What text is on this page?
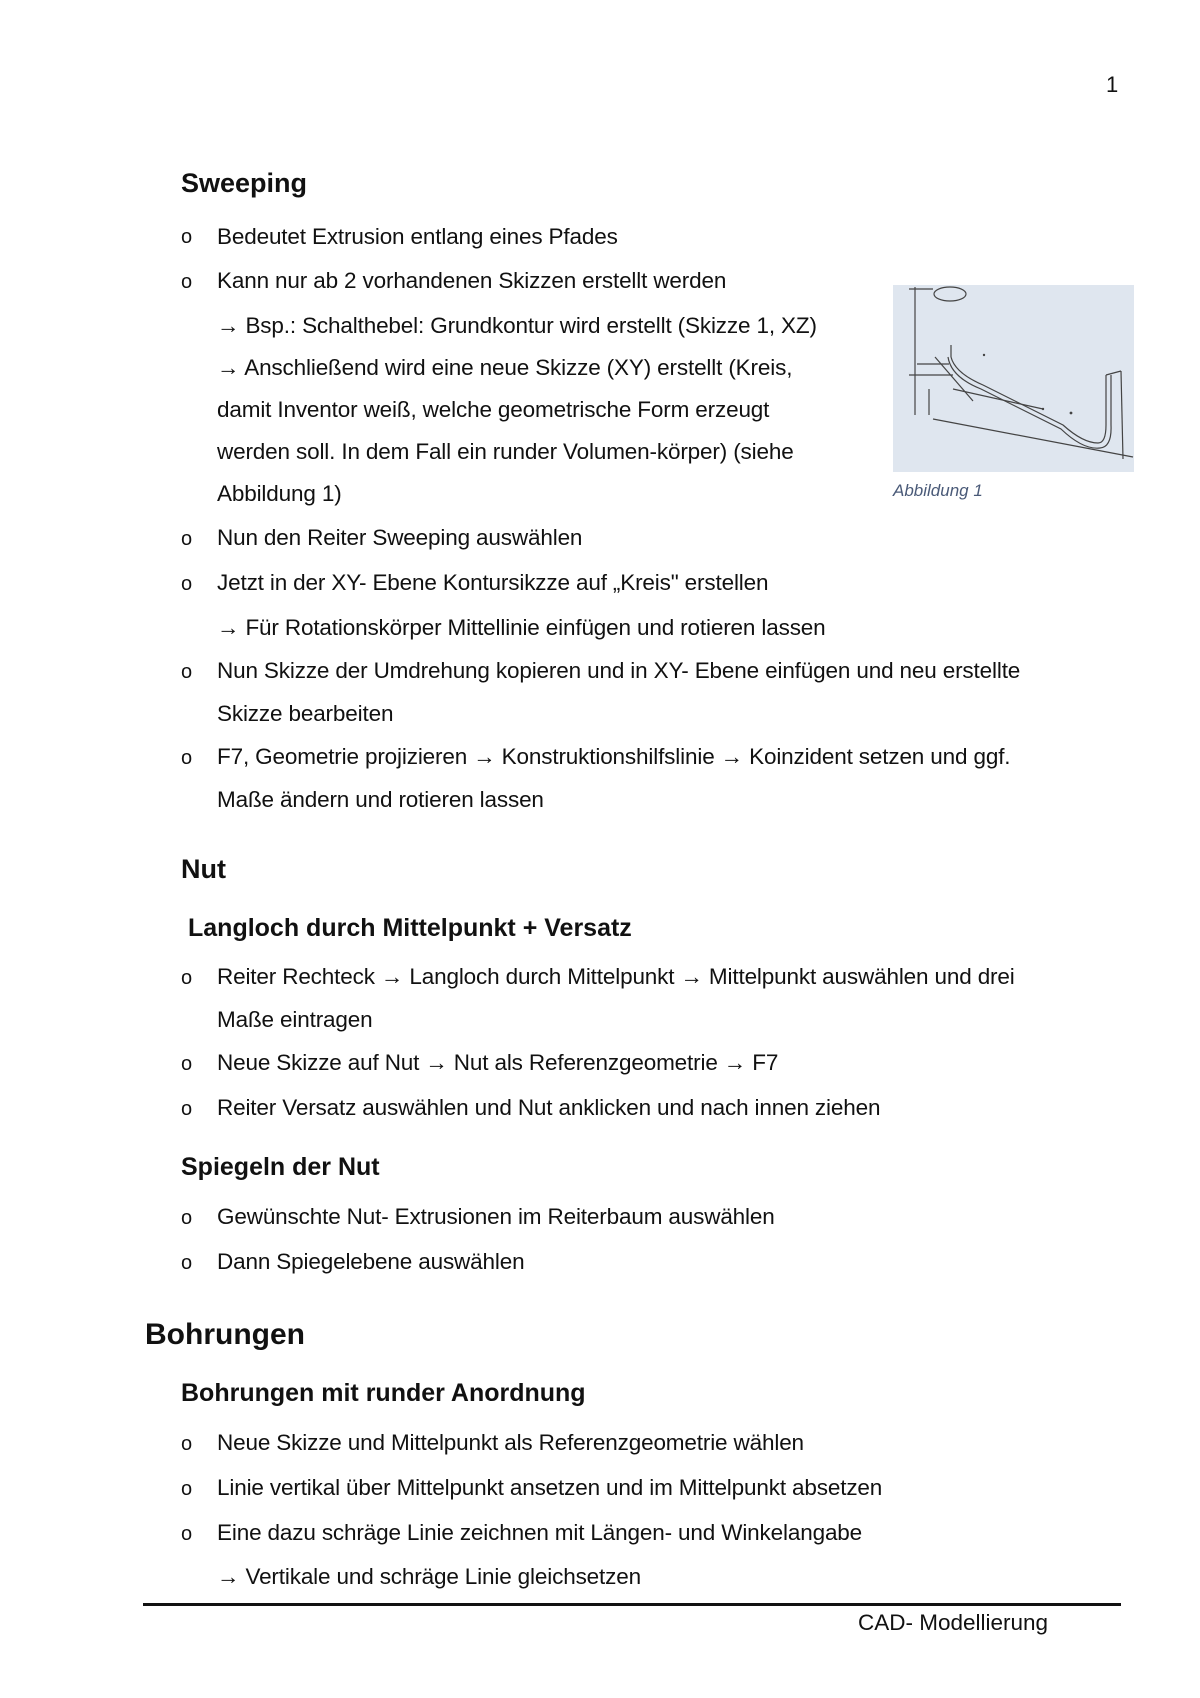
1
Sweeping
o Bedeutet Extrusion entlang eines Pfades
o Kann nur ab 2 vorhandenen Skizzen erstellt werden
→ Bsp.: Schalthebel: Grundkontur wird erstellt (Skizze 1, XZ)
→ Anschließend wird eine neue Skizze (XY) erstellt (Kreis,
damit Inventor weiß, welche geometrische Form erzeugt
werden soll. In dem Fall ein runder Volumen-körper) (siehe
Abbildung 1)	Abbildung 1
o Nun den Reiter Sweeping auswählen
o Jetzt in der XY- Ebene Kontursikzze auf „Kreis" erstellen
→ Für Rotationskörper Mittellinie einfügen und rotieren lassen
o Nun Skizze der Umdrehung kopieren und in XY- Ebene einfügen und neu erstellte
Skizze bearbeiten
o F7, Geometrie projizieren → Konstruktionshilfslinie → Koinzident setzen und ggf.
Maße ändern und rotieren lassen
Nut
Langloch durch Mittelpunkt + Versatz
o Reiter Rechteck → Langloch durch Mittelpunkt → Mittelpunkt auswählen und drei
Maße eintragen
o Neue Skizze auf Nut → Nut als Referenzgeometrie → F7
o Reiter Versatz auswählen und Nut anklicken und nach innen ziehen
Spiegeln der Nut
o Gewünschte Nut- Extrusionen im Reiterbaum auswählen
o Dann Spiegelebene auswählen
Bohrungen
Bohrungen mit runder Anordnung
o Neue Skizze und Mittelpunkt als Referenzgeometrie wählen
o Linie vertikal über Mittelpunkt ansetzen und im Mittelpunkt absetzen
o Eine dazu schräge Linie zeichnen mit Längen- und Winkelangabe
→ Vertikale und schräge Linie gleichsetzen
CAD- Modellierung
